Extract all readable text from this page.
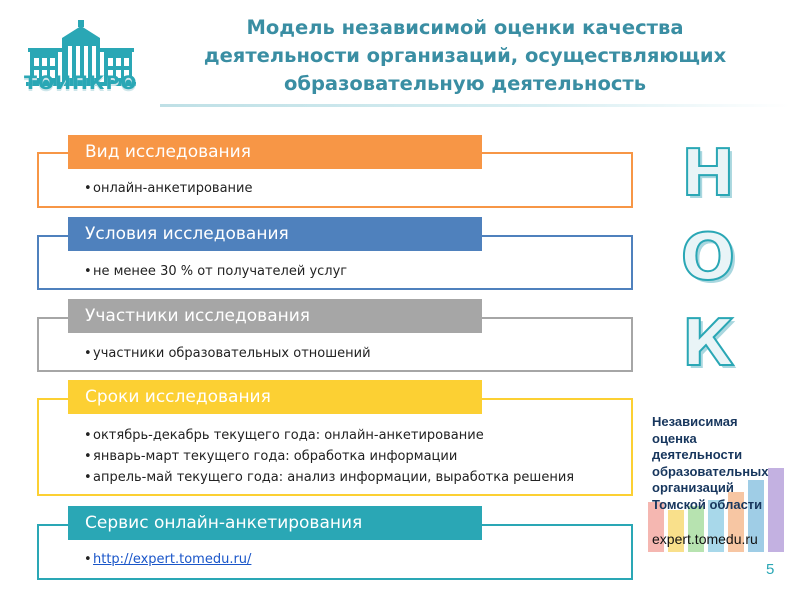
ТОИПКРО
Модель независимой оценки качества
деятельности организаций, осуществляющих
образовательную деятельность
Вид исследования
• онлайн-анкетирование
Условия исследования
• не менее 30 % от получателей услуг
Участники исследования
• участники образовательных отношений
Сроки исследования
• октябрь-декабрь текущего года: онлайн-анкетирование
• январь-март текущего года: обработка информации
• апрель-май текущего года: анализ информации, выработка решения
Сервис онлайн-анкетирования
• http://expert.tomedu.ru/
Н
О
К
Независимая
оценка
деятельности
образовательных
организаций
Томской области
expert.tomedu.ru
5
